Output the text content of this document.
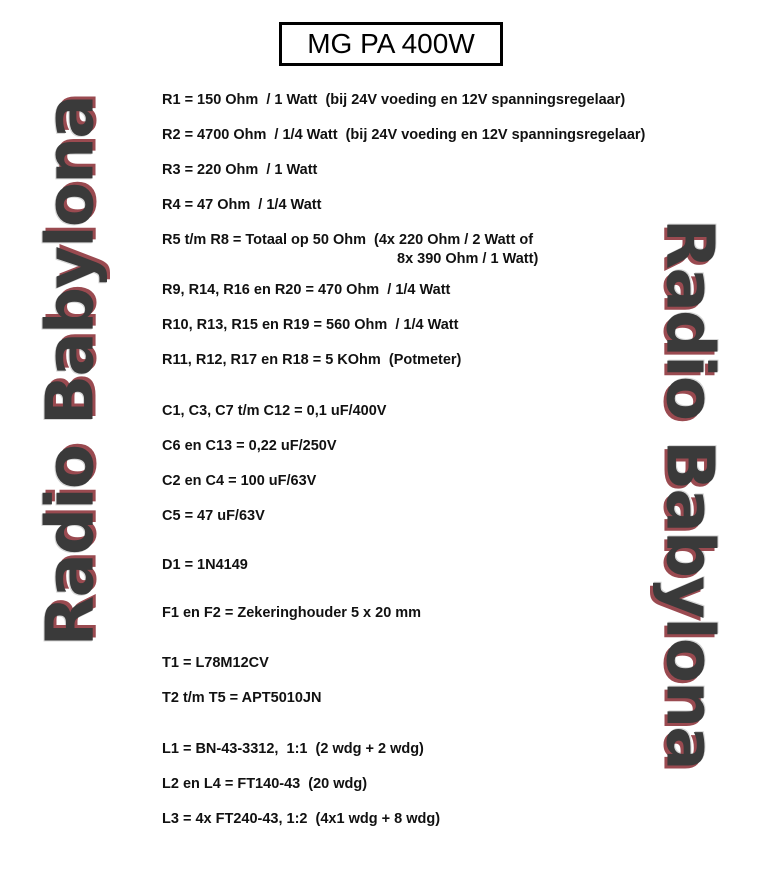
MG PA 400W
Radio Babylona	Radio Babylona
R1 = 150 Ohm  / 1 Watt  (bij 24V voeding en 12V spanningsregelaar)
R2 = 4700 Ohm  / 1/4 Watt  (bij 24V voeding en 12V spanningsregelaar)
R3 = 220 Ohm  / 1 Watt
R4 = 47 Ohm  / 1/4 Watt
R5 t/m R8 = Totaal op 50 Ohm  (4x 220 Ohm / 2 Watt of
8x 390 Ohm / 1 Watt)
R9, R14, R16 en R20 = 470 Ohm  / 1/4 Watt
R10, R13, R15 en R19 = 560 Ohm  / 1/4 Watt
R11, R12, R17 en R18 = 5 KOhm  (Potmeter)
C1, C3, C7 t/m C12 = 0,1 uF/400V
C6 en C13 = 0,22 uF/250V
C2 en C4 = 100 uF/63V
C5 = 47 uF/63V
D1 = 1N4149
F1 en F2 = Zekeringhouder 5 x 20 mm
T1 = L78M12CV
T2 t/m T5 = APT5010JN
L1 = BN-43-3312,  1:1  (2 wdg + 2 wdg)
L2 en L4 = FT140-43  (20 wdg)
L3 = 4x FT240-43, 1:2  (4x1 wdg + 8 wdg)
